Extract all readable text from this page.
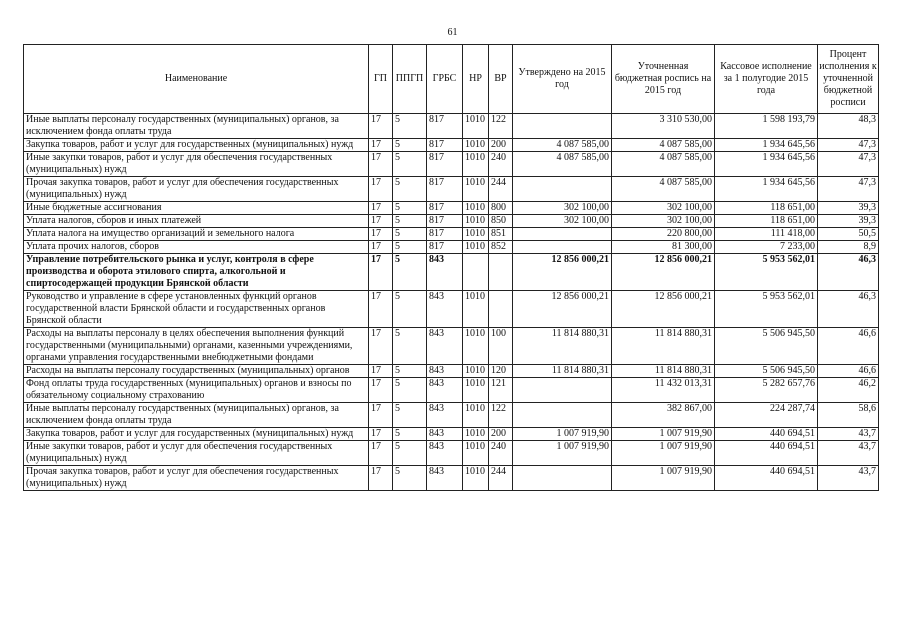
61
Наименование	ГП	ППГП	ГРБС	НР	ВР	Утверждено на 2015 год	Уточненная бюджетная роспись на 2015 год	Кассовое исполнение за 1 полугодие 2015 года	Процент исполнения к уточненной бюджетной росписи
Иные выплаты персоналу государственных (муниципальных) органов, за исключением фонда оплаты труда	17	5	817	1010	122		3 310 530,00	1 598 193,79	48,3
Закупка товаров, работ и услуг для государственных (муниципальных) нужд	17	5	817	1010	200	4 087 585,00	4 087 585,00	1 934 645,56	47,3
Иные закупки товаров, работ и услуг для обеспечения государственных (муниципальных) нужд	17	5	817	1010	240	4 087 585,00	4 087 585,00	1 934 645,56	47,3
Прочая закупка товаров, работ и услуг для обеспечения государственных (муниципальных) нужд	17	5	817	1010	244		4 087 585,00	1 934 645,56	47,3
Иные бюджетные ассигнования	17	5	817	1010	800	302 100,00	302 100,00	118 651,00	39,3
Уплата налогов, сборов и иных платежей	17	5	817	1010	850	302 100,00	302 100,00	118 651,00	39,3
Уплата налога на имущество организаций и земельного налога	17	5	817	1010	851		220 800,00	111 418,00	50,5
Уплата прочих налогов, сборов	17	5	817	1010	852		81 300,00	7 233,00	8,9
Управление потребительского рынка и услуг, контроля в сфере производства и оборота этилового спирта, алкогольной и спиртосодержащей продукции Брянской области	17	5	843			12 856 000,21	12 856 000,21	5 953 562,01	46,3
Руководство и управление в сфере установленных функций органов государственной власти Брянской области и государственных органов Брянской области	17	5	843	1010		12 856 000,21	12 856 000,21	5 953 562,01	46,3
Расходы на выплаты персоналу в целях обеспечения выполнения функций государственными (муниципальными) органами, казенными учреждениями, органами управления государственными внебюджетными фондами	17	5	843	1010	100	11 814 880,31	11 814 880,31	5 506 945,50	46,6
Расходы на выплаты персоналу государственных (муниципальных) органов	17	5	843	1010	120	11 814 880,31	11 814 880,31	5 506 945,50	46,6
Фонд оплаты труда государственных (муниципальных) органов и взносы по обязательному социальному страхованию	17	5	843	1010	121		11 432 013,31	5 282 657,76	46,2
Иные выплаты персоналу государственных (муниципальных) органов, за исключением фонда оплаты труда	17	5	843	1010	122		382 867,00	224 287,74	58,6
Закупка товаров, работ и услуг для государственных (муниципальных) нужд	17	5	843	1010	200	1 007 919,90	1 007 919,90	440 694,51	43,7
Иные закупки товаров, работ и услуг для обеспечения государственных (муниципальных) нужд	17	5	843	1010	240	1 007 919,90	1 007 919,90	440 694,51	43,7
Прочая закупка товаров, работ и услуг для обеспечения государственных (муниципальных) нужд	17	5	843	1010	244		1 007 919,90	440 694,51	43,7
